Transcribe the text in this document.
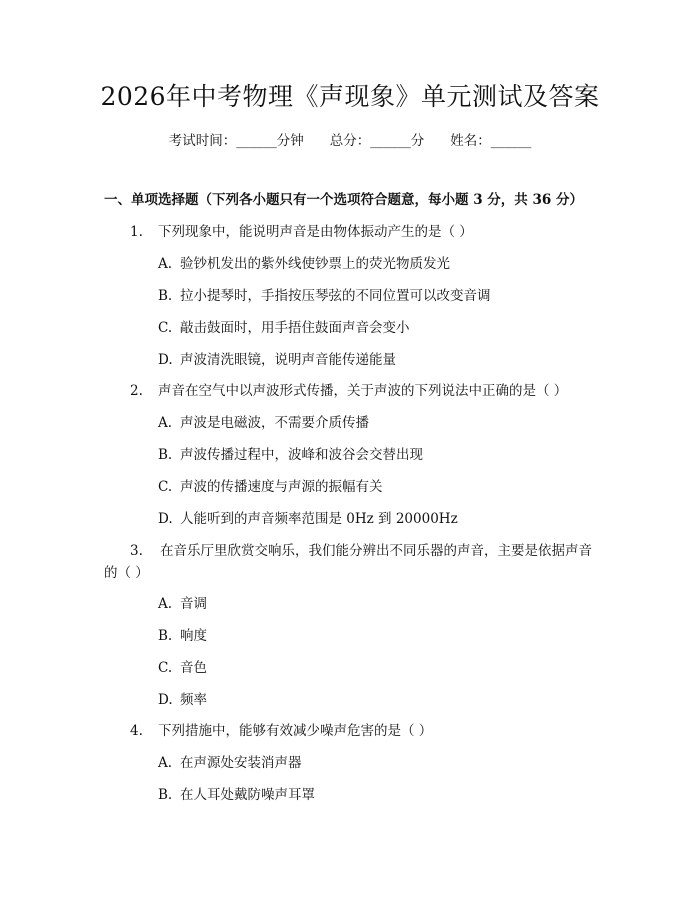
2026年中考物理《声现象》单元测试及答案
考试时间：______分钟 总分：______分 姓名：______
一、单项选择题（下列各小题只有一个选项符合题意，每小题 3 分，共 36 分）
1. 下列现象中，能说明声音是由物体振动产生的是（ ）
A. 验钞机发出的紫外线使钞票上的荧光物质发光
B. 拉小提琴时，手指按压琴弦的不同位置可以改变音调
C. 敲击鼓面时，用手捂住鼓面声音会变小
D. 声波清洗眼镜，说明声音能传递能量
2. 声音在空气中以声波形式传播，关于声波的下列说法中正确的是（ ）
A. 声波是电磁波，不需要介质传播
B. 声波传播过程中，波峰和波谷会交替出现
C. 声波的传播速度与声源的振幅有关
D. 人能听到的声音频率范围是 0Hz 到 20000Hz
3. 在音乐厅里欣赏交响乐，我们能分辨出不同乐器的声音，主要是依据声音
的（ ）
A. 音调
B. 响度
C. 音色
D. 频率
4. 下列措施中，能够有效减少噪声危害的是（ ）
A. 在声源处安装消声器
B. 在人耳处戴防噪声耳罩
